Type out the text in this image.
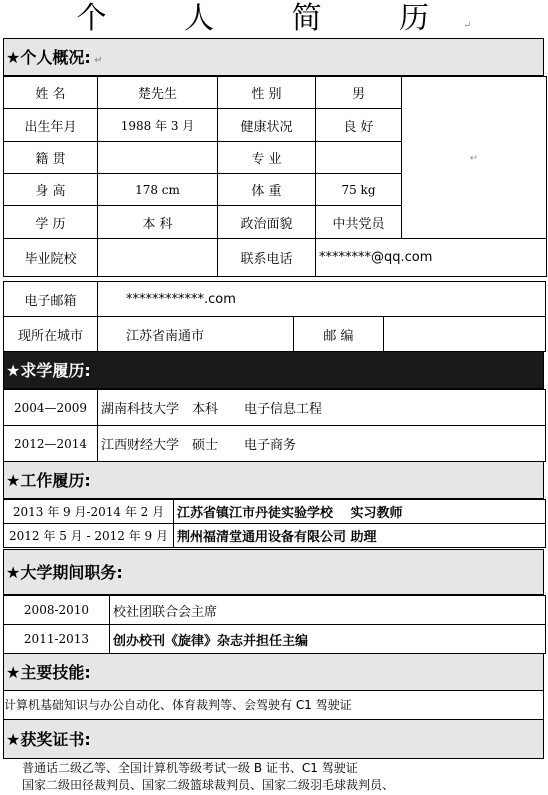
个 人 简 历↵
★个人概况: ↵
姓 名	楚先生	性 别	男	↵
出生年月	1988 年 3 月	健康状况	良 好	
籍 贯		专 业		
身 高	178 cm	体 重	75 kg	
学 历	本 科	政治面貌	中共党员	
毕业院校		联系电话	********@qq.com	
电子邮箱	************.com
现所在城市	江苏省南通市	邮 编	
★求学履历:
2004—2009	湖南科技大学　本科　　电子信息工程
2012—2014	江西财经大学　硕士　　电子商务
★工作履历:
2013 年 9 月-2014 年 2 月	江苏省镇江市丹徒实验学校　 实习教师
2012 年 5 月 - 2012 年 9 月	荆州福清堂通用设备有限公司 助理
★大学期间职务:
2008-2010	校社团联合会主席
2011-2013	创办校刊《旋律》杂志并担任主编
★主要技能:
计算机基础知识与办公自动化、体育裁判等、会驾驶有 C1 驾驶证
★获奖证书:
普通话二级乙等、全国计算机等级考试一级 B 证书、C1 驾驶证
国家二级田径裁判员、国家二级篮球裁判员、国家二级羽毛球裁判员、
